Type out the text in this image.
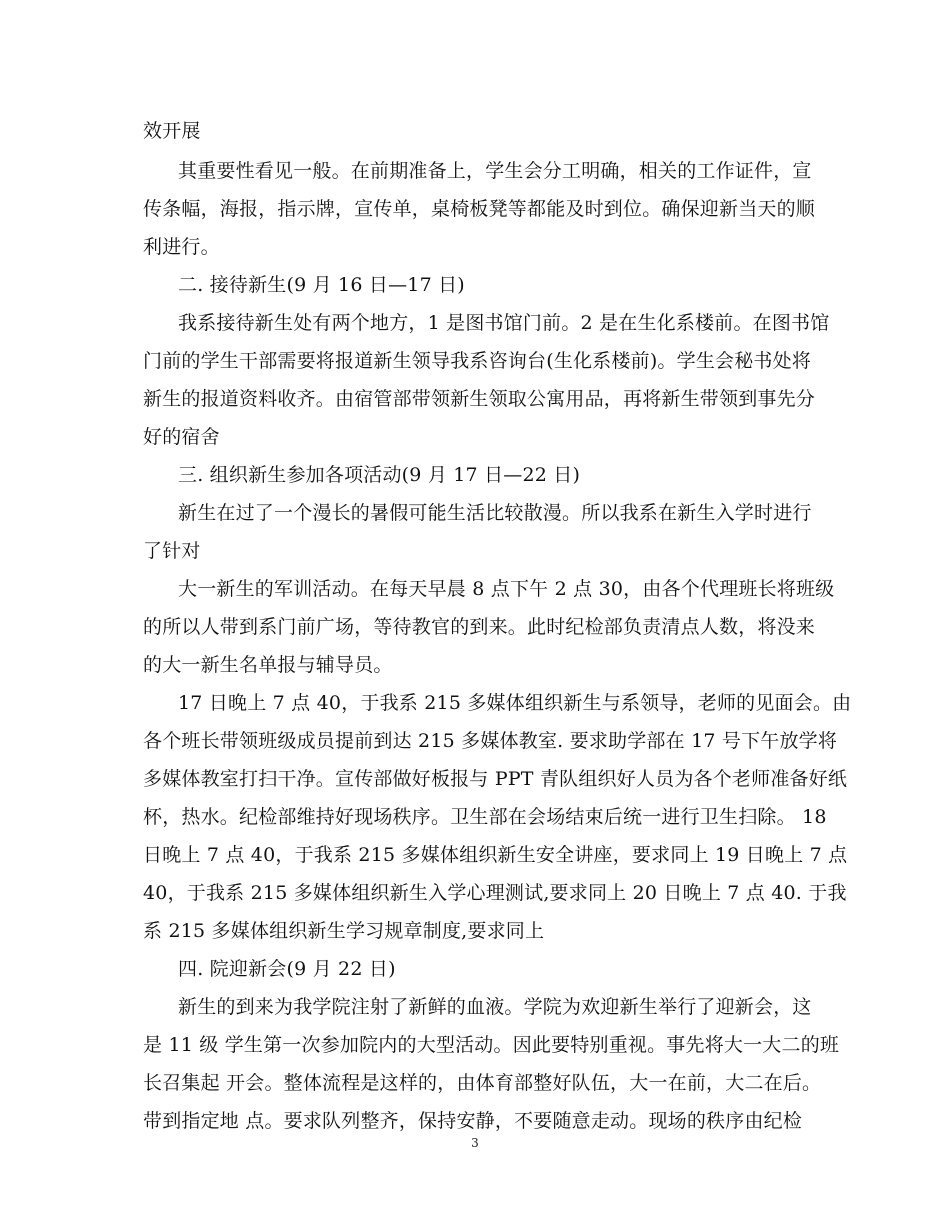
效开展
其重要性看见一般。在前期准备上，学生会分工明确，相关的工作证件，宣
传条幅，海报，指示牌，宣传单，桌椅板凳等都能及时到位。确保迎新当天的顺
利进行。
二. 接待新生(9 月 16 日—17 日)
我系接待新生处有两个地方，1 是图书馆门前。2 是在生化系楼前。在图书馆
门前的学生干部需要将报道新生领导我系咨询台(生化系楼前)。学生会秘书处将
新生的报道资料收齐。由宿管部带领新生领取公寓用品，再将新生带领到事先分
好的宿舍
三. 组织新生参加各项活动(9 月 17 日—22 日)
新生在过了一个漫长的暑假可能生活比较散漫。所以我系在新生入学时进行
了针对
大一新生的军训活动。在每天早晨 8 点下午 2 点 30，由各个代理班长将班级
的所以人带到系门前广场，等待教官的到来。此时纪检部负责清点人数，将没来
的大一新生名单报与辅导员。
17 日晚上 7 点 40，于我系 215 多媒体组织新生与系领导，老师的见面会。由
各个班长带领班级成员提前到达 215 多媒体教室. 要求助学部在 17 号下午放学将
多媒体教室打扫干净。宣传部做好板报与 PPT 青队组织好人员为各个老师准备好纸
杯，热水。纪检部维持好现场秩序。卫生部在会场结束后统一进行卫生扫除。 18
日晚上 7 点 40，于我系 215 多媒体组织新生安全讲座，要求同上 19 日晚上 7 点
40，于我系 215 多媒体组织新生入学心理测试,要求同上 20 日晚上 7 点 40. 于我
系 215 多媒体组织新生学习规章制度,要求同上
四. 院迎新会(9 月 22 日)
新生的到来为我学院注射了新鲜的血液。学院为欢迎新生举行了迎新会，这
是 11 级 学生第一次参加院内的大型活动。因此要特别重视。事先将大一大二的班
长召集起 开会。整体流程是这样的，由体育部整好队伍，大一在前，大二在后。
带到指定地 点。要求队列整齐，保持安静，不要随意走动。现场的秩序由纪检
3
